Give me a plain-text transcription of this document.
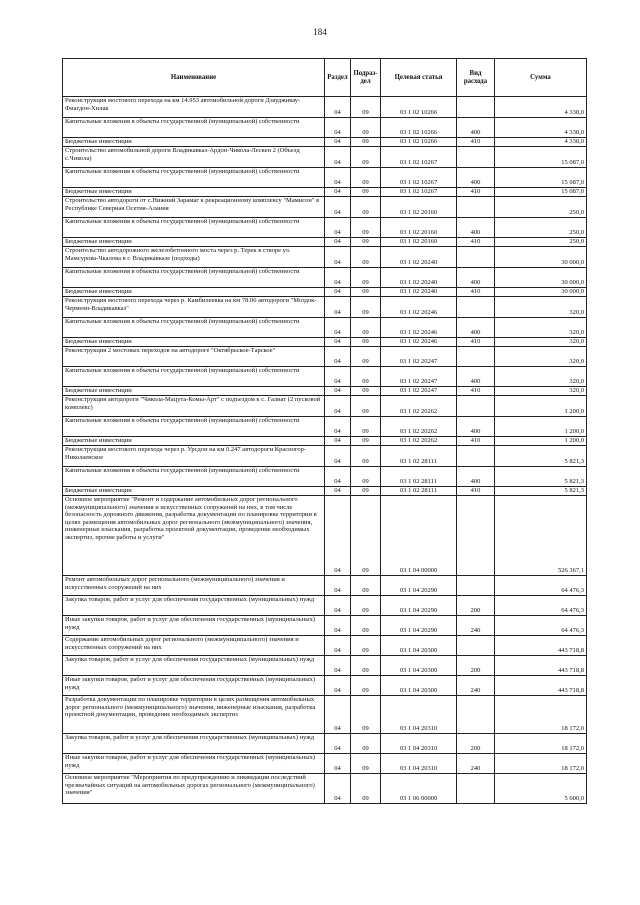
184
Наименование	Раздел	Подраз-дел	Целевая статья	Вид расхода	Сумма
Реконструкция мостового перехода на км 14.953 автомобильной дороги Дзауджикау-Фиагдон-Хилак	04	09	03 1 02 10266		4 338,0
Капитальные вложения в объекты государственной (муниципальной) собственности	04	09	03 1 02 10266	400	4 338,0
Бюджетные инвестиции	04	09	03 1 02 10266	410	4 338,0
Строительство автомобильной дороги Владикавказ-Ардон-Чикола-Лескен 2 (Объезд с.Чикола)	04	09	03 1 02 10267		15 087,0
Капитальные вложения в объекты государственной (муниципальной) собственности	04	09	03 1 02 10267	400	15 087,0
Бюджетные инвестиции	04	09	03 1 02 10267	410	15 087,0
Строительство автодороги от с.Нижний Зарамаг к рекреационному комплексу "Мамисон" в Республике Северная Осетия-Алания	04	09	03 1 02 20160		250,0
Капитальные вложения в объекты государственной (муниципальной) собственности	04	09	03 1 02 20160	400	250,0
Бюджетные инвестиции	04	09	03 1 02 20160	410	250,0
Строительство автодорожного железобетонного моста через р. Терек в створе ул. Мамсурова-Чкалова в г. Владикавказе (подходы)	04	09	03 1 02 20240		30 000,0
Капитальные вложения в объекты государственной (муниципальной) собственности	04	09	03 1 02 20240	400	30 000,0
Бюджетные инвестиции	04	09	03 1 02 20240	410	30 000,0
Реконструкция мостового перехода через р. Камбилеевка на км 78.06 автодороги "Моздок-Черменн-Владикавказ"	04	09	03 1 02 20246		320,0
Капитальные вложения в объекты государственной (муниципальной) собственности	04	09	03 1 02 20246	400	320,0
Бюджетные инвестиции	04	09	03 1 02 20246	410	320,0
Реконструкция 2 мостовых переходов на автодороге "Октябрьское-Тарское"	04	09	03 1 02 20247		320,0
Капитальные вложения в объекты государственной (муниципальной) собственности	04	09	03 1 02 20247	400	320,0
Бюджетные инвестиции	04	09	03 1 02 20247	410	320,0
Реконструкция автодороги "Чикола-Мацута-Комы-Арт" с подъездом к с. Галиат (2 пусковой комплекс)	04	09	03 1 02 20262		1 200,0
Капитальные вложения в объекты государственной (муниципальной) собственности	04	09	03 1 02 20262	400	1 200,0
Бюджетные инвестиции	04	09	03 1 02 20262	410	1 200,0
Реконструкция мостового перехода через р. Урсдон на км 0.247 автодороги Красногор-Николаевское	04	09	03 1 02 28111		5 821,3
Капитальные вложения в объекты государственной (муниципальной) собственности	04	09	03 1 02 28111	400	5 821,3
Бюджетные инвестиции	04	09	03 1 02 28111	410	5 821,3
Основное мероприятие "Ремонт и содержание автомобильных дорог регионального (межмуниципального) значения и искусственных сооружений на них, в том числе безопасность дорожного движения, разработка документации по планировке территории в целях размещения автомобильных дорог регионального (межмуниципального) значения, инженерные изыскания, разработка проектной документации, проведение необходимых экспертиз, прочие работы и услуги"	04	09	03 1 04 00000		526 367,1
Ремонт автомобильных дорог регионального (межмуниципального) значения и искусственных сооружений на них	04	09	03 1 04 20290		64 476,3
Закупка товаров, работ и услуг для обеспечения государственных (муниципальных) нужд	04	09	03 1 04 20290	200	64 476,3
Иные закупки товаров, работ и услуг для обеспечения государственных (муниципальных) нужд	04	09	03 1 04 20290	240	64 476,3
Содержание автомобильных дорог регионального (межмуниципального) значения и искусственных сооружений на них	04	09	03 1 04 20300		443 718,8
Закупка товаров, работ и услуг для обеспечения государственных (муниципальных) нужд	04	09	03 1 04 20300	200	443 718,8
Иные закупки товаров, работ и услуг для обеспечения государственных (муниципальных) нужд	04	09	03 1 04 20300	240	443 718,8
Разработка документации по планировке территории в целях размещения автомобильных дорог регионального (межмуниципального) значения, инженерные изыскания, разработка проектной документации, проведение необходимых экспертиз	04	09	03 1 04 20310		18 172,0
Закупка товаров, работ и услуг для обеспечения государственных (муниципальных) нужд	04	09	03 1 04 20310	200	18 172,0
Иные закупки товаров, работ и услуг для обеспечения государственных (муниципальных) нужд	04	09	03 1 04 20310	240	18 172,0
Основное мероприятие "Мероприятия по предупреждению и ликвидации последствий чрезвычайных ситуаций на автомобильных дорогах регионального (межмуниципального) значения"	04	09	03 1 06 00000		5 600,0
